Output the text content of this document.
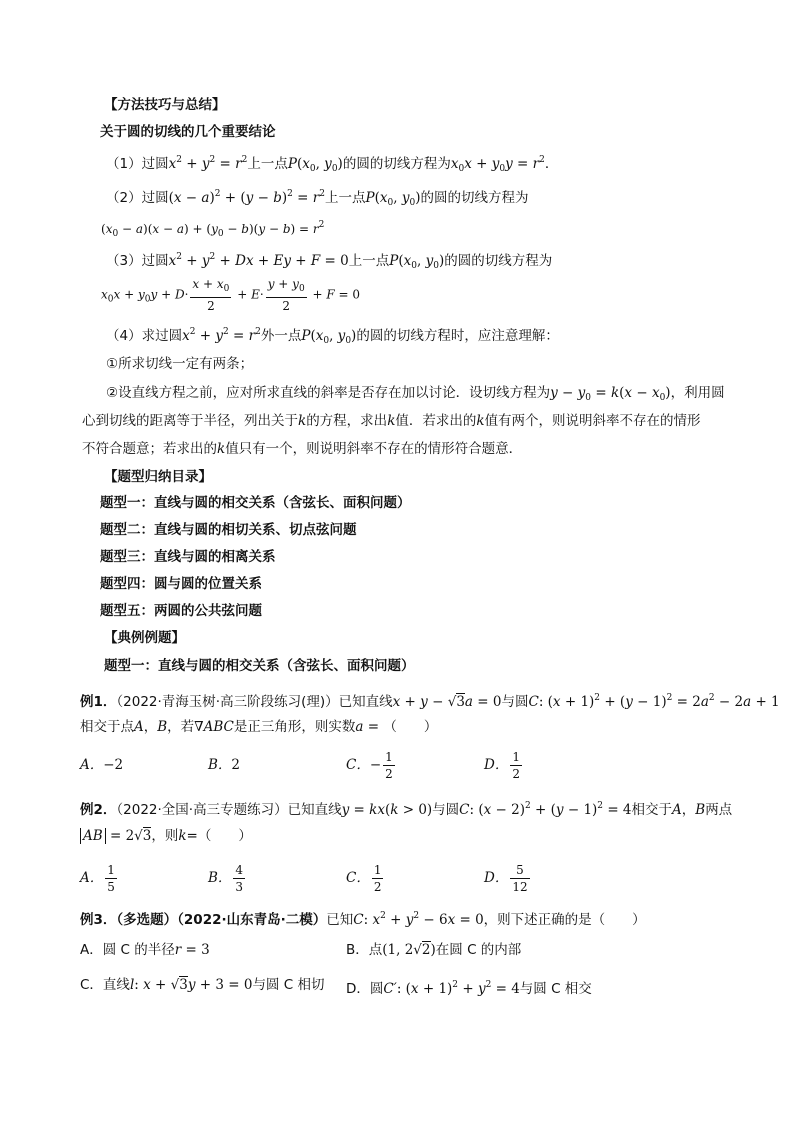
【方法技巧与总结】
关于圆的切线的几个重要结论
（1）过圆$x^2 + y^2 = r^2$上一点$P(x_0$, $y_0$)的圆的切线方程为$x_0x + y_0y = r^2$．
（2）过圆$(x - a)^2 + (y - b)^2 = r^2$上一点$P(x_0$, $y_0$)的圆的切线方程为
$(x_0 - a)(x - a) + (y_0 - b)(y - b) = r^2$
（3）过圆$x^2 + y^2 + Dx + Ey + F = 0$上一点$P(x_0$, $y_0$)的圆的切线方程为
$x_0x + y_0y + D\cdot \frac{x + x_0}{2} + E\cdot \frac{y + y_0}{2} + F = 0$
（4）求过圆$x^2 + y^2 = r^2$外一点$P(x_0$, $y_0$)的圆的切线方程时，应注意理解：
①所求切线一定有两条；
②设直线方程之前，应对所求直线的斜率是否存在加以讨论．设切线方程为$y - y_0 = k(x - x_0)$，利用圆
心到切线的距离等于半径，列出关于k的方程，求出k值．若求出的k值有两个，则说明斜率不存在的情形
不符合题意；若求出的k值只有一个，则说明斜率不存在的情形符合题意．
【题型归纳目录】
题型一：直线与圆的相交关系（含弦长、面积问题）
题型二：直线与圆的相切关系、切点弦问题
题型三：直线与圆的相离关系
题型四：圆与圆的位置关系
题型五：两圆的公共弦问题
【典例例题】
题型一：直线与圆的相交关系（含弦长、面积问题）
例1．（2022·青海玉树·高三阶段练习(理)）已知直线x + y − √3a = 0与圆C: $(x + 1)^2 + (y - 1)^2 = 2a^2 - 2a + 1$
相交于点A，B，若∇ABC是正三角形，则实数a = （　　）
A．−2	B．2	C．− $\frac{1}{2}$	D． $\frac{1}{2}$
例2．（2022·全国·高三专题练习）已知直线y = kx(k > 0)与圆C: $(x - 2)^2 + (y - 1)^2 = 4$相交于A，B两点
AB = 2√3，则k=（　　）
A． $\frac{1}{5}$	B． $\frac{4}{3}$	C． $\frac{1}{2}$	D． $\frac{5}{12}$
例3．（多选题）（2022·山东青岛·二模）已知C: $x^2 + y^2 - 6x = 0$，则下述正确的是（　　）
A．圆 C 的半径r = 3	B．点(1, 2√2)在圆 C 的内部
C．直线l: x + √3y + 3 = 0与圆 C 相切 D．圆C′: $(x + 1)^2 + y^2 = 4$与圆 C 相交
